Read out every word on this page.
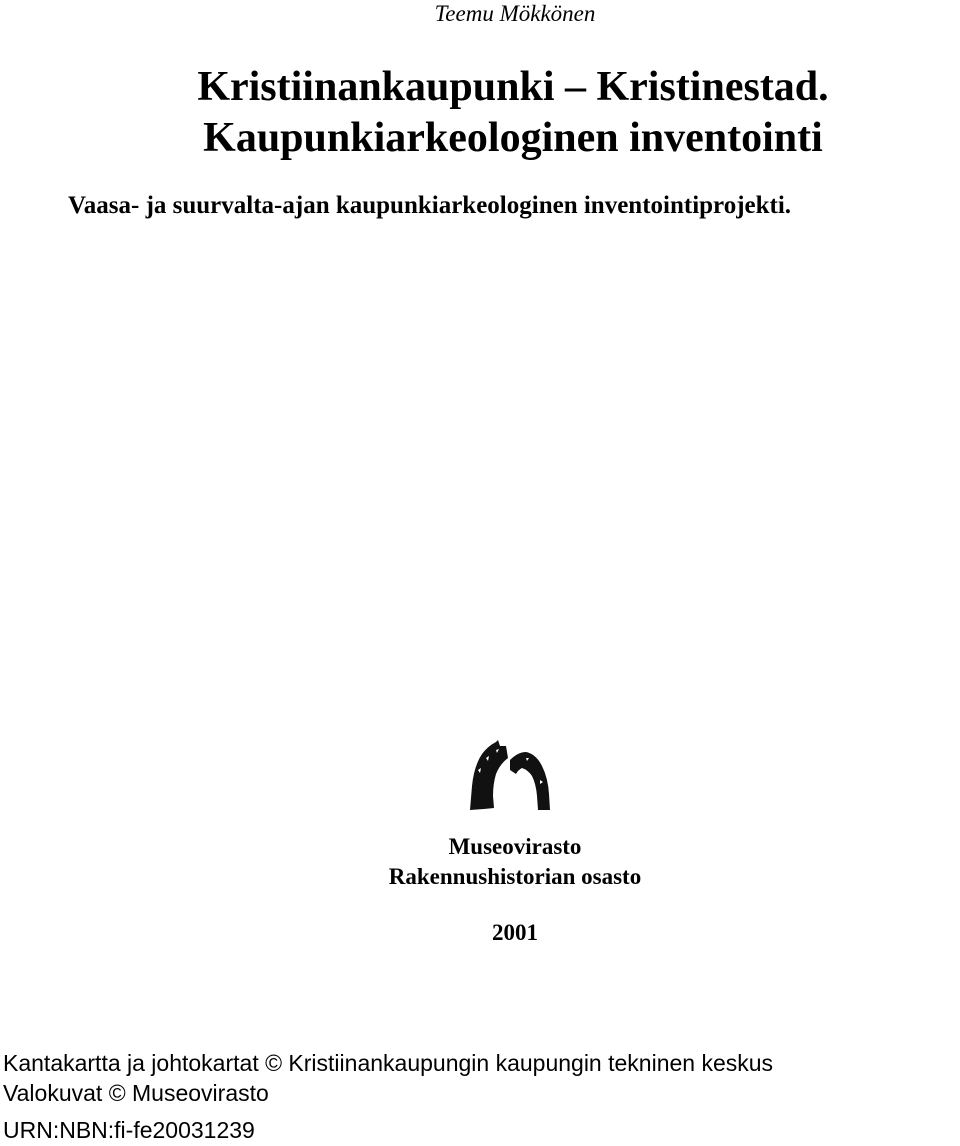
Teemu Mökkönen
Kristiinankaupunki – Kristinestad.
Kaupunkiarkeologinen inventointi
Vaasa- ja suurvalta-ajan kaupunkiarkeologinen inventointiprojekti.
Museovirasto
Rakennushistorian osasto
2001
Kantakartta ja johtokartat © Kristiinankaupungin kaupungin tekninen keskus
Valokuvat © Museovirasto
URN:NBN:fi-fe20031239
